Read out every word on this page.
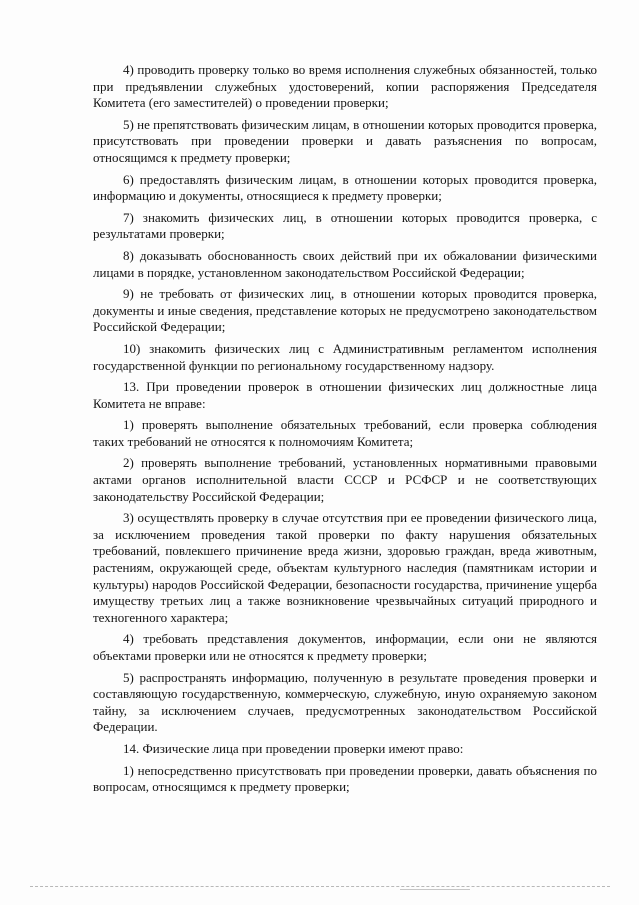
4) проводить проверку только во время исполнения служебных обязанностей, только при предъявлении служебных удостоверений, копии распоряжения Председателя Комитета (его заместителей) о проведении проверки;

5) не препятствовать физическим лицам, в отношении которых проводится проверка, присутствовать при проведении проверки и давать разъяснения по вопросам, относящимся к предмету проверки;

6) предоставлять физическим лицам, в отношении которых проводится проверка, информацию и документы, относящиеся к предмету проверки;

7) знакомить физических лиц, в отношении которых проводится проверка, с результатами проверки;

8) доказывать обоснованность своих действий при их обжаловании физическими лицами в порядке, установленном законодательством Российской Федерации;

9) не требовать от физических лиц, в отношении которых проводится проверка, документы и иные сведения, представление которых не предусмотрено законодательством Российской Федерации;

10) знакомить физических лиц с Административным регламентом исполнения государственной функции по региональному государственному надзору.

13. При проведении проверок в отношении физических лиц должностные лица Комитета не вправе:

1) проверять выполнение обязательных требований, если проверка соблюдения таких требований не относятся к полномочиям Комитета;

2) проверять выполнение требований, установленных нормативными правовыми актами органов исполнительной власти СССР и РСФСР и не соответствующих законодательству Российской Федерации;

3) осуществлять проверку в случае отсутствия при ее проведении физического лица, за исключением проведения такой проверки по факту нарушения обязательных требований, повлекшего причинение вреда жизни, здоровью граждан, вреда животным, растениям, окружающей среде, объектам культурного наследия (памятникам истории и культуры) народов Российской Федерации, безопасности государства, причинение ущерба имуществу третьих лиц а также возникновение чрезвычайных ситуаций природного и техногенного характера;

4) требовать представления документов, информации, если они не являются объектами проверки или не относятся к предмету проверки;

5) распространять информацию, полученную в результате проведения проверки и составляющую государственную, коммерческую, служебную, иную охраняемую законом тайну, за исключением случаев, предусмотренных законодательством Российской Федерации.

14. Физические лица при проведении проверки имеют право:

1) непосредственно присутствовать при проведении проверки, давать объяснения по вопросам, относящимся к предмету проверки;
